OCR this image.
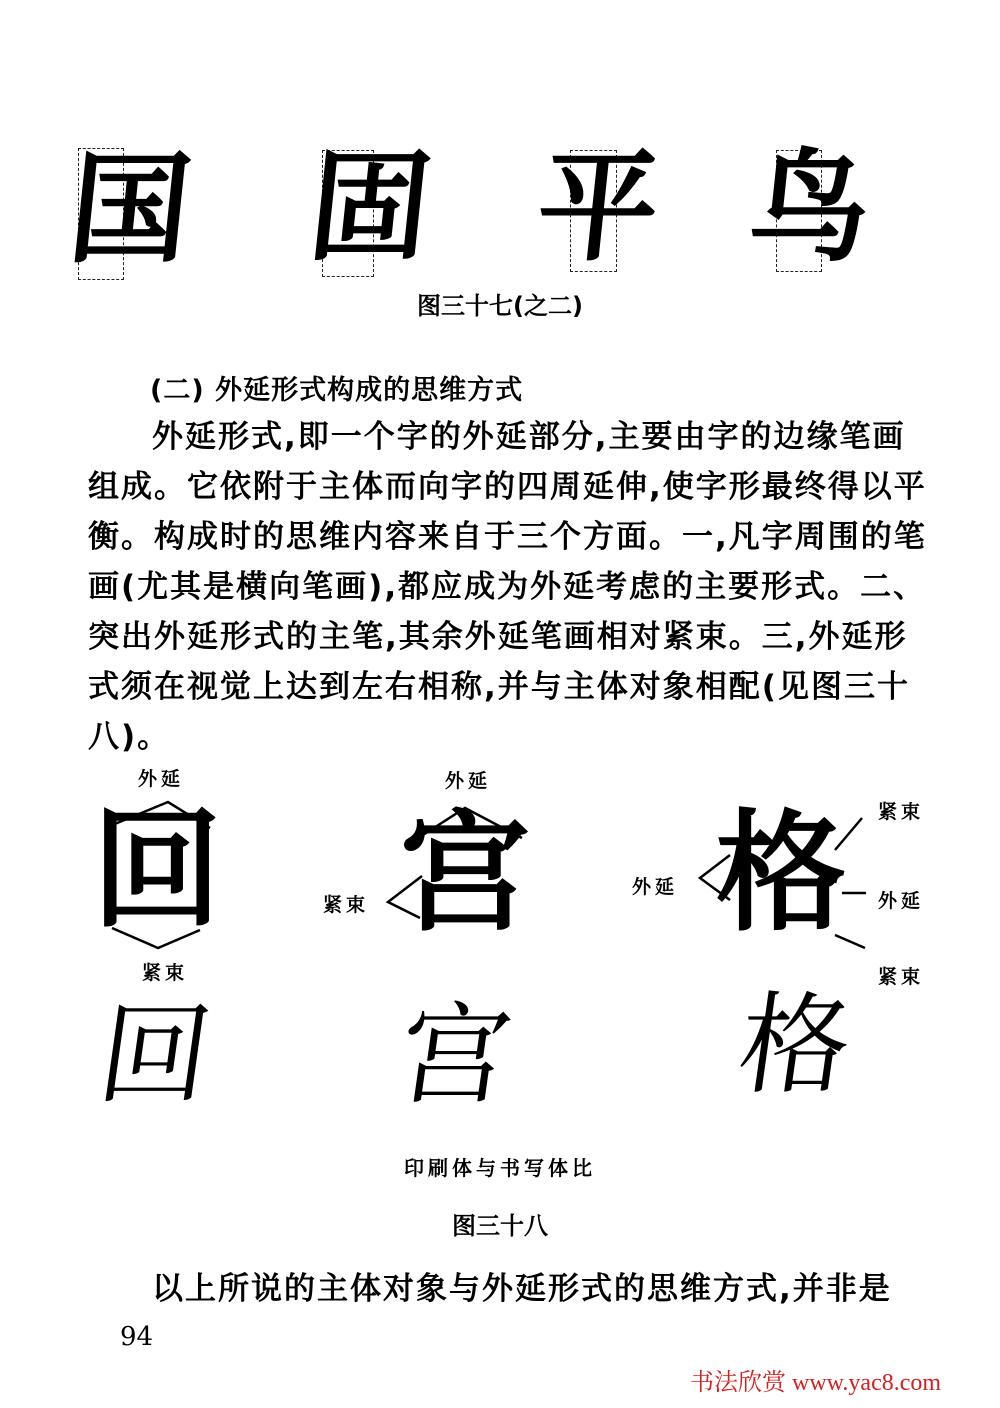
国 固 平 鸟
图三十七(之二)
(二) 外延形式构成的思维方式
外延形式,即一个字的外延部分,主要由字的边缘笔画
组成。它依附于主体而向字的四周延伸,使字形最终得以平
衡。构成时的思维内容来自于三个方面。一,凡字周围的笔
画(尤其是横向笔画),都应成为外延考虑的主要形式。二、
突出外延形式的主笔,其余外延笔画相对紧束。三,外延形
式须在视觉上达到左右相称,并与主体对象相配(见图三十
八)。
外延
紧束
外延
紧束
外延
紧束
外延
紧束
回 宫 格
回 宫 格
印刷体与书写体比
图三十八
以上所说的主体对象与外延形式的思维方式,并非是
94
书法欣赏 www.yac8.com
